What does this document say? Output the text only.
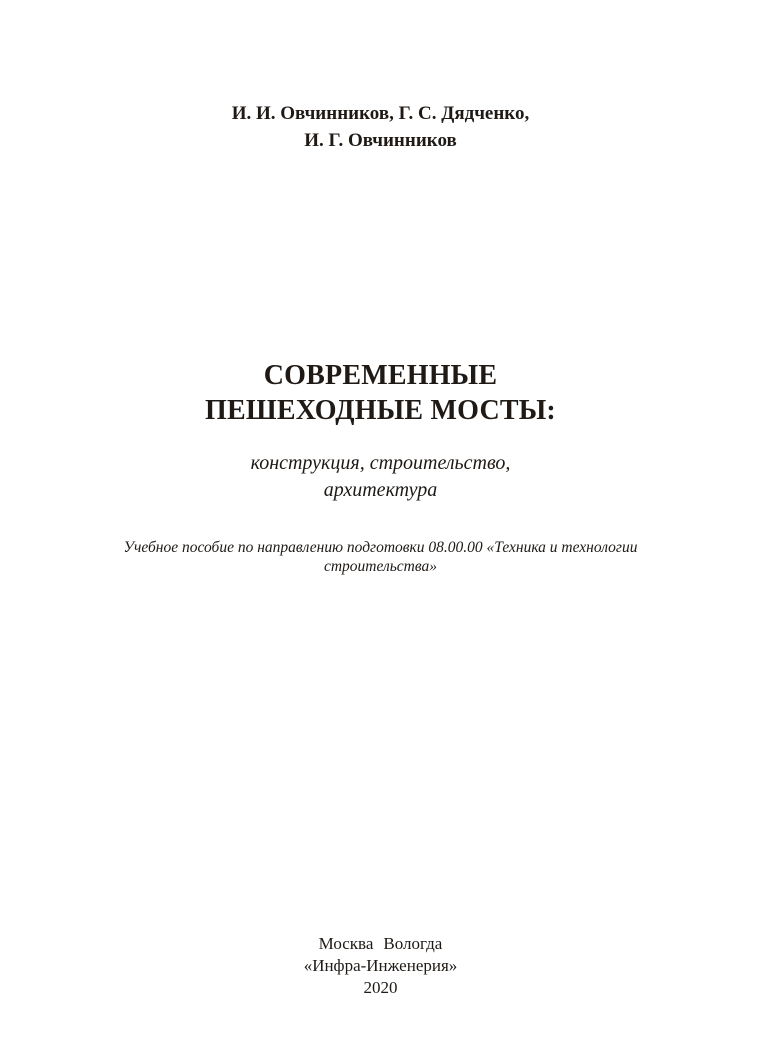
И. И. Овчинников, Г. С. Дядченко,
И. Г. Овчинников
СОВРЕМЕННЫЕ
ПЕШЕХОДНЫЕ МОСТЫ:
конструкция, строительство,
архитектура
Учебное пособие по направлению подготовки 08.00.00 «Техника и технологии
строительства»
Москва Вологда
«Инфра-Инженерия»
2020
